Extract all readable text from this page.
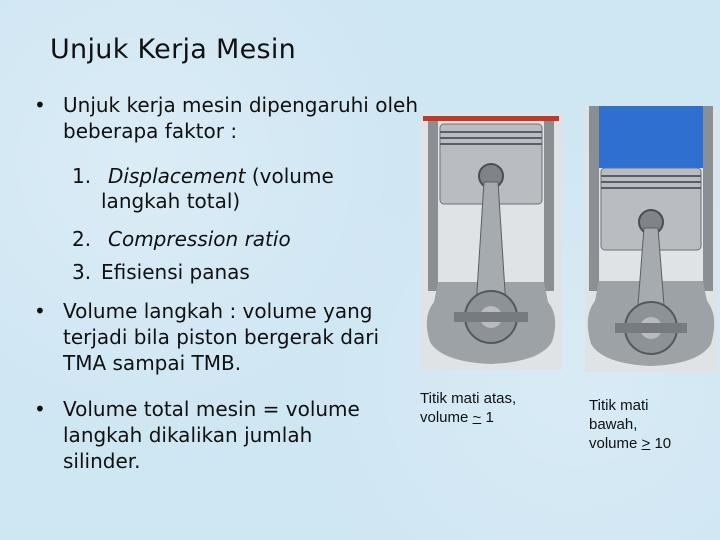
Unjuk Kerja Mesin
• Unjuk kerja mesin dipengaruhi oleh beberapa faktor :
1. Displacement (volume
langkah total)
2. Compression ratio
3. Efisiensi panas
• Volume langkah : volume yang terjadi bila piston bergerak dari TMA sampai TMB.
• Volume total mesin = volume langkah dikalikan jumlah silinder.
Titik mati atas,
volume ~ 1
Titik mati
bawah,
volume > 10
